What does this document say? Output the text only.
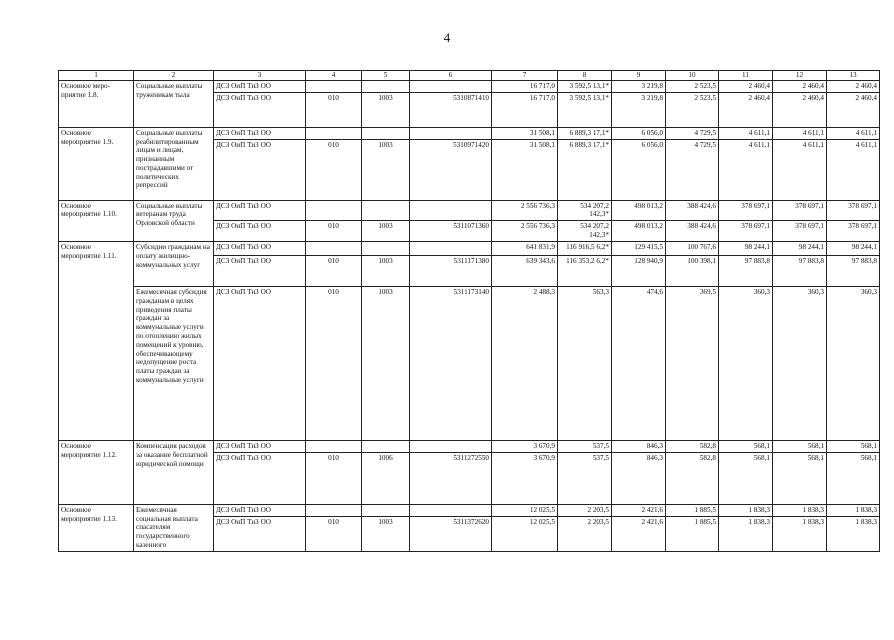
4
1	2	3	4	5	6	7	8	9	10	11	12	13
Основное меро-приятие 1.8.	Социальные выплаты труженикам тыла	ДСЗ ОиП ТиЗ ОО				16 717,0	3 592,5 13,1*	3 219,8	2 523,5	2 460,4	2 460,4	2 460,4
		ДСЗ ОиП ТиЗ ОО	010	1003	5310871410	16 717,0	3 592,5 13,1*	3 219,8	2 523,5	2 460,4	2 460,4	2 460,4
Основное мероприятие 1.9.	Социальные выплаты реабилитированным лицам и лицам, признанным пострадавшими от политических репрессий	ДСЗ ОиП ТиЗ ОО				31 508,1	6 889,3 17,1*	6 056,0	4 729,5	4 611,1	4 611,1	4 611,1
		ДСЗ ОиП ТиЗ ОО	010	1003	5310971420	31 508,1	6 889,3 17,1*	6 056,0	4 729,5	4 611,1	4 611,1	4 611,1
Основное мероприятие 1.10.	Социальные выплаты ветеранам труда Орловской области	ДСЗ ОиП ТиЗ ОО				2 556 736,3	534 207,2 142,3*	498 013,2	388 424,6	378 697,1	378 697,1	378 697,1
		ДСЗ ОиП ТиЗ ОО	010	1003	5311071360	2 556 736,3	534 207,2 142,3*	498 013,2	388 424,6	378 697,1	378 697,1	378 697,1
Основное мероприятие 1.11.	Субсидии гражданам на оплату жилищно-коммунальных услуг	ДСЗ ОиП ТиЗ ОО				641 831,9	116 916,5 6,2*	129 415,5	100 767,6	98 244,1	98 244,1	98 244,1
		ДСЗ ОиП ТиЗ ОО	010	1003	5311171380	639 343,6	116 353,2 6,2*	128 940,9	100 398,1	97 883,8	97 883,8	97 883,8
	Ежемесячная субсидия гражданам в целях приведения платы граждан за коммунальные услуги по отоплению жилых помещений к уровню, обеспечивающему недопущение роста платы граждан за коммунальные услуги	ДСЗ ОиП ТиЗ ОО	010	1003	5311173140	2 488,3	563,3	474,6	369,5	360,3	360,3	360,3
Основное мероприятие 1.12.	Компенсация расходов за оказание бесплатной юридической помощи	ДСЗ ОиП ТиЗ ОО				3 670,9	537,5	846,3	582,8	568,1	568,1	568,1
		ДСЗ ОиП ТиЗ ОО	010	1006	5311272550	3 670,9	537,5	846,3	582,8	568,1	568,1	568,1
Основное мероприятие 1.13.	Ежемесячная социальная выплата спасателям государственного казенного	ДСЗ ОиП ТиЗ ОО				12 025,5	2 203,5	2 421,6	1 885,5	1 838,3	1 838,3	1 838,3
		ДСЗ ОиП ТиЗ ОО	010	1003	5311372620	12 025,5	2 203,5	2 421,6	1 885,5	1 838,3	1 838,3	1 838,3
